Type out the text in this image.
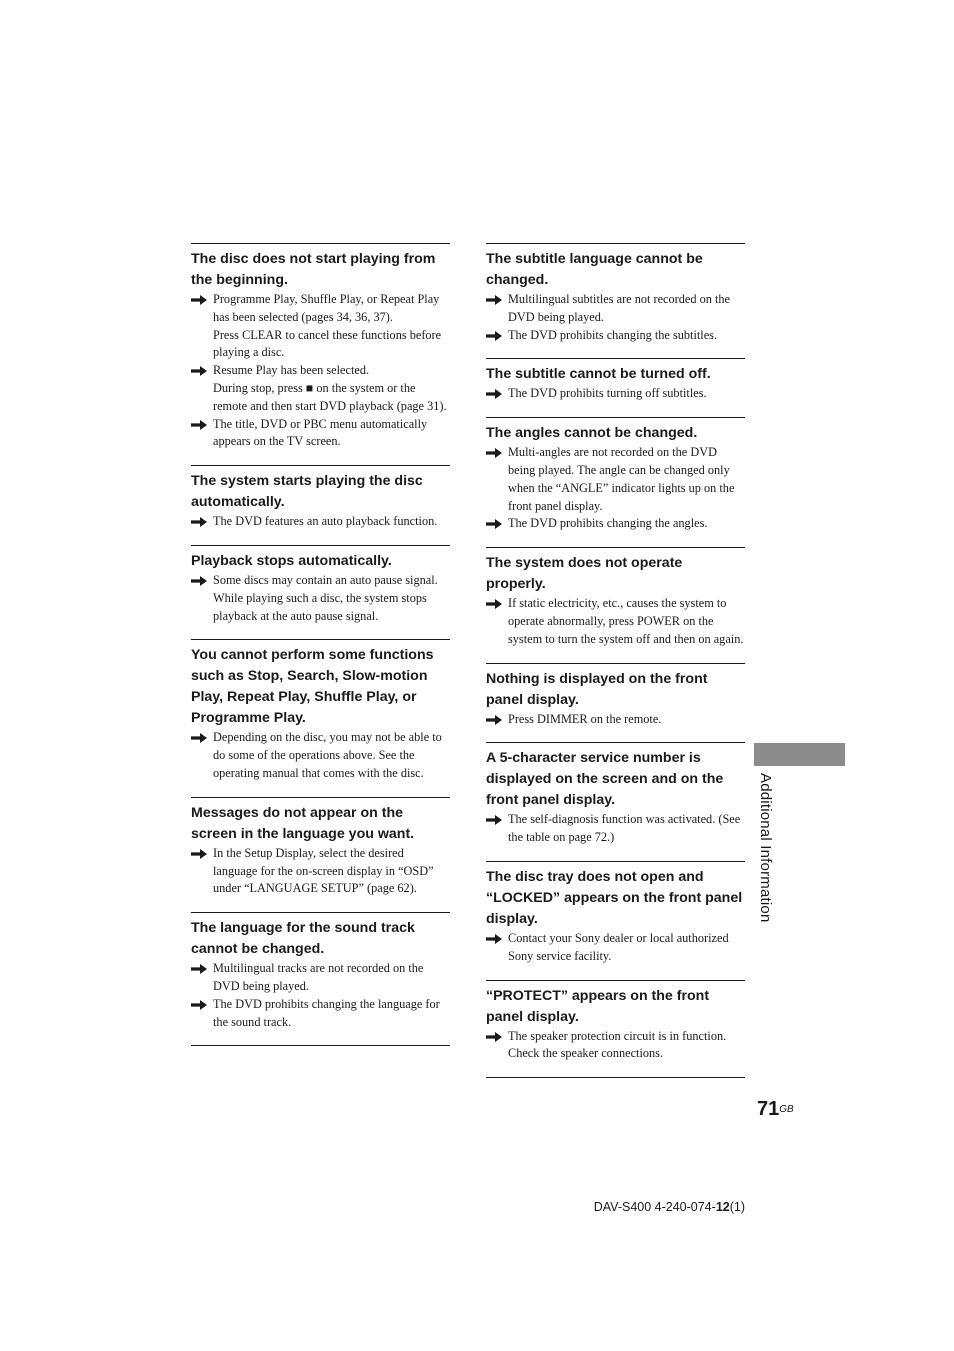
The disc does not start playing from the beginning.
Programme Play, Shuffle Play, or Repeat Play has been selected (pages 34, 36, 37).
Press CLEAR to cancel these functions before playing a disc.
Resume Play has been selected.
During stop, press ■ on the system or the remote and then start DVD playback (page 31).
The title, DVD or PBC menu automatically appears on the TV screen.
The system starts playing the disc automatically.
The DVD features an auto playback function.
Playback stops automatically.
Some discs may contain an auto pause signal. While playing such a disc, the system stops playback at the auto pause signal.
You cannot perform some functions such as Stop, Search, Slow-motion Play, Repeat Play, Shuffle Play, or Programme Play.
Depending on the disc, you may not be able to do some of the operations above. See the operating manual that comes with the disc.
Messages do not appear on the screen in the language you want.
In the Setup Display, select the desired language for the on-screen display in “OSD” under “LANGUAGE SETUP” (page 62).
The language for the sound track cannot be changed.
Multilingual tracks are not recorded on the DVD being played.
The DVD prohibits changing the language for the sound track.
The subtitle language cannot be changed.
Multilingual subtitles are not recorded on the DVD being played.
The DVD prohibits changing the subtitles.
The subtitle cannot be turned off.
The DVD prohibits turning off subtitles.
The angles cannot be changed.
Multi-angles are not recorded on the DVD being played. The angle can be changed only when the “ANGLE” indicator lights up on the front panel display.
The DVD prohibits changing the angles.
The system does not operate properly.
If static electricity, etc., causes the system to operate abnormally, press POWER on the system to turn the system off and then on again.
Nothing is displayed on the front panel display.
Press DIMMER on the remote.
A 5-character service number is displayed on the screen and on the front panel display.
The self-diagnosis function was activated. (See the table on page 72.)
The disc tray does not open and “LOCKED” appears on the front panel display.
Contact your Sony dealer or local authorized Sony service facility.
“PROTECT” appears on the front panel display.
The speaker protection circuit is in function.
Check the speaker connections.
Additional Information
$71^{GB}$
DAV-S400 4-240-074-12(1)
